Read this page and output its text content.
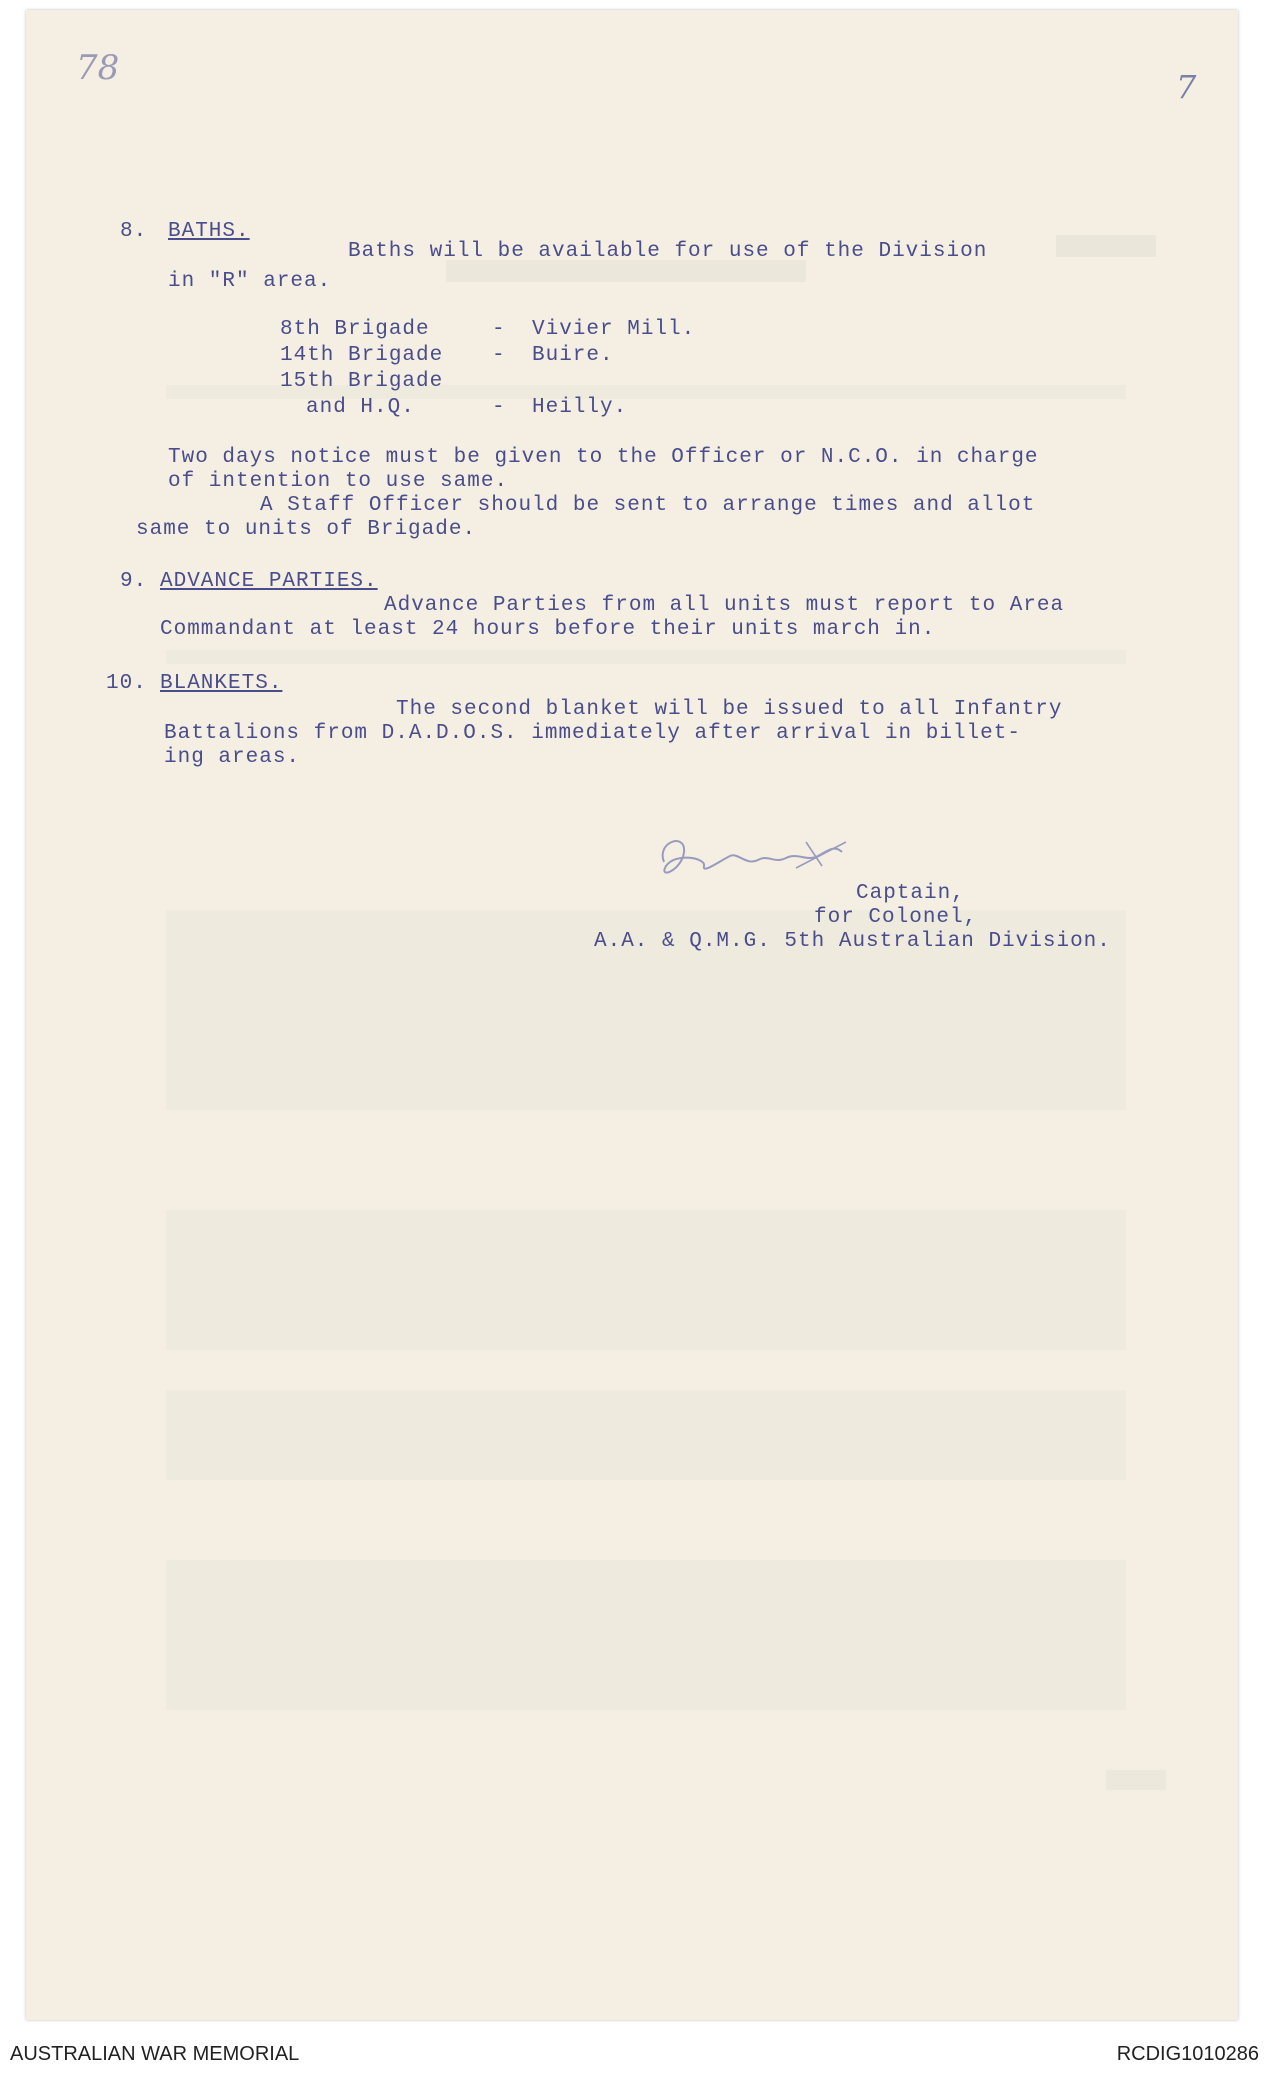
78	7
8. BATHS.
Baths will be available for use of the Division
in "R" area.
8th Brigade	- Vivier Mill.
14th Brigade - Buire.
15th Brigade
and H.Q.	- Heilly.
Two days notice must be given to the Officer or N.C.O. in charge
of intention to use same.
A Staff Officer should be sent to arrange times and allot
same to units of Brigade.
9. ADVANCE PARTIES.
Advance Parties from all units must report to Area
Commandant at least 24 hours before their units march in.
10. BLANKETS.
The second blanket will be issued to all Infantry
Battalions from D.A.D.O.S. immediately after arrival in billet-
ing areas.
Captain,
for Colonel,
A.A. & Q.M.G. 5th Australian Division.
AUSTRALIAN WAR MEMORIAL	RCDIG1010286
